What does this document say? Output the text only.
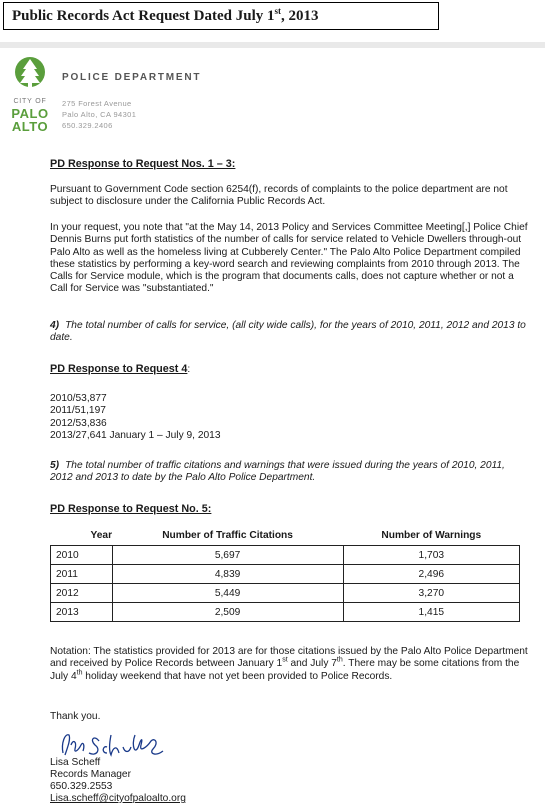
Public Records Act Request Dated July 1st, 2013
CITY OF
PALO
ALTO
POLICE DEPARTMENT
275 Forest Avenue
Palo Alto, CA 94301
650.329.2406
PD Response to Request Nos. 1 – 3:

Pursuant to Government Code section 6254(f), records of complaints to the police department are not subject to disclosure under the California Public Records Act.

In your request, you note that "at the May 14, 2013 Policy and Services Committee Meeting[,] Police Chief Dennis Burns put forth statistics of the number of calls for service related to Vehicle Dwellers through-out Palo Alto as well as the homeless living at Cubberely Center." The Palo Alto Police Department compiled these statistics by performing a key-word search and reviewing complaints from 2010 through 2013. The Calls for Service module, which is the program that documents calls, does not capture whether or not a Call for Service was "substantiated."

4) The total number of calls for service, (all city wide calls), for the years of 2010, 2011, 2012 and 2013 to date.
PD Response to Request 4:
2010/53,877
2011/51,197
2012/53,836
2013/27,641 January 1 – July 9, 2013
5) The total number of traffic citations and warnings that were issued during the years of 2010, 2011, 2012 and 2013 to date by the Palo Alto Police Department.
PD Response to Request No. 5:
Year	Number of Traffic Citations	Number of Warnings
2010	5,697	1,703
2011	4,839	2,496
2012	5,449	3,270
2013	2,509	1,415

Notation: The statistics provided for 2013 are for those citations issued by the Palo Alto Police Department and received by Police Records between January 1st and July 7th. There may be some citations from the July 4th holiday weekend that have not yet been provided to Police Records.

Thank you.
Lisa Scheff
Records Manager
650.329.2553
Lisa.scheff@cityofpaloalto.org
